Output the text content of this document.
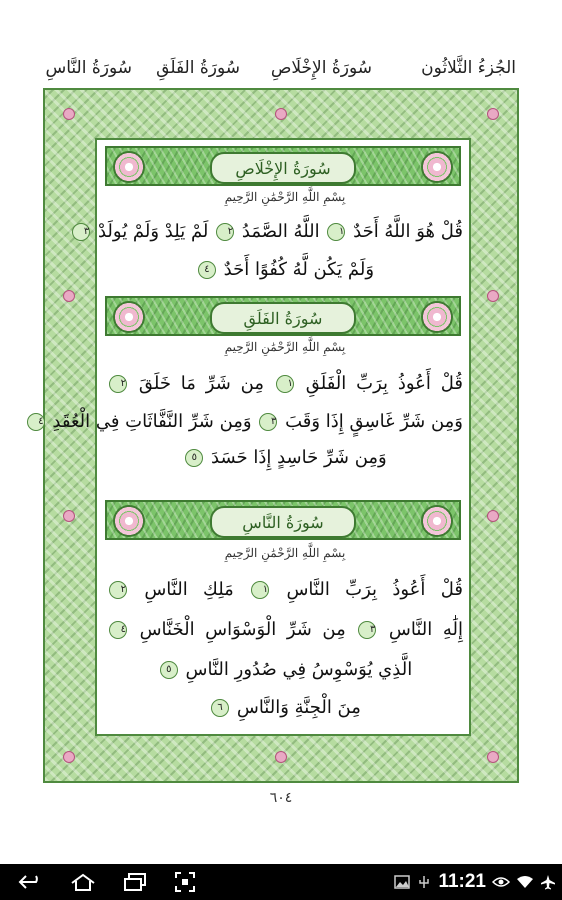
الجُزءُ الثَّلاثُون
سُورَةُ الإِخْلَاصِ
سُورَةُ الفَلَقِ
سُورَةُ النَّاسِ
سُورَةُ الإِخْلَاصِ
بِسْمِ اللَّهِ الرَّحْمَٰنِ الرَّحِيمِ
قُلْ هُوَ اللَّهُ أَحَدٌ ١ اللَّهُ الصَّمَدُ ٢ لَمْ يَلِدْ وَلَمْ يُولَدْ ٣
وَلَمْ يَكُن لَّهُ كُفُوًا أَحَدٌ ٤
سُورَةُ الفَلَقِ
بِسْمِ اللَّهِ الرَّحْمَٰنِ الرَّحِيمِ
قُلْ أَعُوذُ بِرَبِّ الْفَلَقِ ١ مِن شَرِّ مَا خَلَقَ ٢
وَمِن شَرِّ غَاسِقٍ إِذَا وَقَبَ ٣ وَمِن شَرِّ النَّفَّاثَاتِ فِي الْعُقَدِ ٤
وَمِن شَرِّ حَاسِدٍ إِذَا حَسَدَ ٥
سُورَةُ النَّاسِ
بِسْمِ اللَّهِ الرَّحْمَٰنِ الرَّحِيمِ
قُلْ أَعُوذُ بِرَبِّ النَّاسِ ١ مَلِكِ النَّاسِ ٢
إِلَٰهِ النَّاسِ ٣ مِن شَرِّ الْوَسْوَاسِ الْخَنَّاسِ ٤
الَّذِي يُوَسْوِسُ فِي صُدُورِ النَّاسِ ٥
مِنَ الْجِنَّةِ وَالنَّاسِ ٦
٦٠٤
11:21
